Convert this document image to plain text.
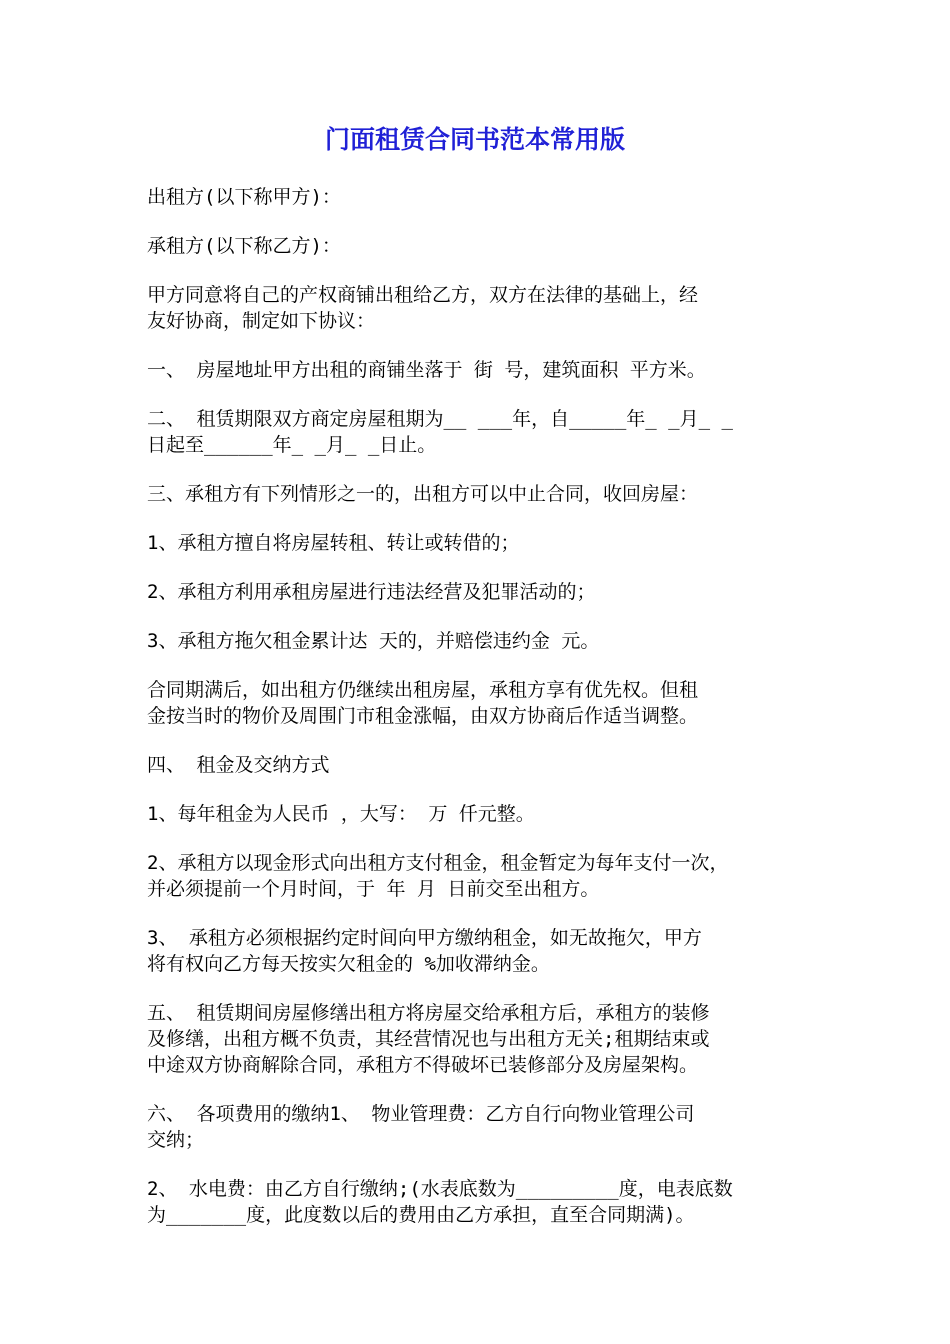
门面租赁合同书范本常用版
出租方(以下称甲方)：
承租方(以下称乙方)：
甲方同意将自己的产权商铺出租给乙方，双方在法律的基础上，经
友好协商，制定如下协议：
一、 房屋地址甲方出租的商铺坐落于 街 号，建筑面积 平方米。
二、 租赁期限双方商定房屋租期为__ ___年，自_____年_ _月_ _
日起至______年_ _月_ _日止。
三、承租方有下列情形之一的，出租方可以中止合同，收回房屋：
1、承租方擅自将房屋转租、转让或转借的；
2、承租方利用承租房屋进行违法经营及犯罪活动的；
3、承租方拖欠租金累计达 天的，并赔偿违约金 元。
合同期满后，如出租方仍继续出租房屋，承租方享有优先权。但租
金按当时的物价及周围门市租金涨幅，由双方协商后作适当调整。
四、 租金及交纳方式
1、每年租金为人民币 ，大写： 万 仟元整。
2、承租方以现金形式向出租方支付租金，租金暂定为每年支付一次，
并必须提前一个月时间，于 年 月 日前交至出租方。
3、 承租方必须根据约定时间向甲方缴纳租金，如无故拖欠，甲方
将有权向乙方每天按实欠租金的 %加收滞纳金。
五、 租赁期间房屋修缮出租方将房屋交给承租方后，承租方的装修
及修缮，出租方概不负责，其经营情况也与出租方无关;租期结束或
中途双方协商解除合同，承租方不得破坏已装修部分及房屋架构。
六、 各项费用的缴纳1、 物业管理费：乙方自行向物业管理公司
交纳；
2、 水电费：由乙方自行缴纳;(水表底数为_________度，电表底数
为_______度，此度数以后的费用由乙方承担，直至合同期满)。
